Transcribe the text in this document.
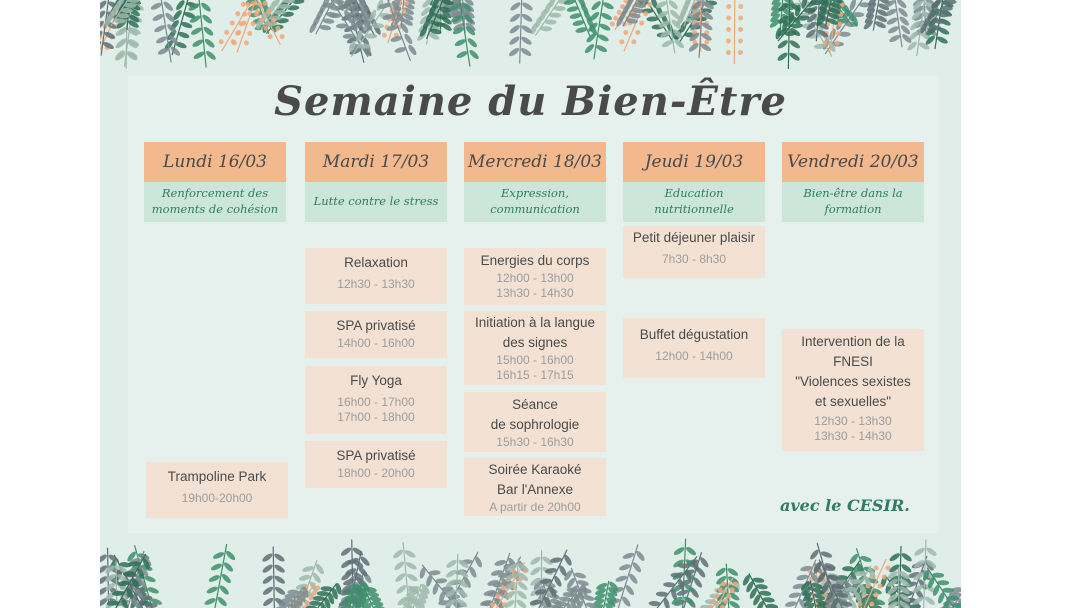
Semaine du Bien-Être
Lundi 16/03
Renforcement des moments de cohésion
Trampoline Park
19h00-20h00
Mardi 17/03
Lutte contre le stress
Relaxation
12h30 - 13h30
SPA privatisé
14h00 - 16h00
Fly Yoga
16h00 - 17h00
17h00 - 18h00
SPA privatisé
18h00 - 20h00
Mercredi 18/03
Expression, communication
Energies du corps
12h00 - 13h00
13h30 - 14h30
Initiation à la langue
des signes
15h00 - 16h00
16h15 - 17h15
Séance
de sophrologie
15h30 - 16h30
Soirée Karaoké
Bar l'Annexe
A partir de 20h00
Jeudi 19/03
Education nutritionnelle
Petit déjeuner plaisir
7h30 - 8h30
Buffet dégustation
12h00 - 14h00
Vendredi 20/03
Bien-être dans la formation
Intervention de la
FNESI
"Violences sexistes
et sexuelles"
12h30 - 13h30
13h30 - 14h30
avec le CESIR.
